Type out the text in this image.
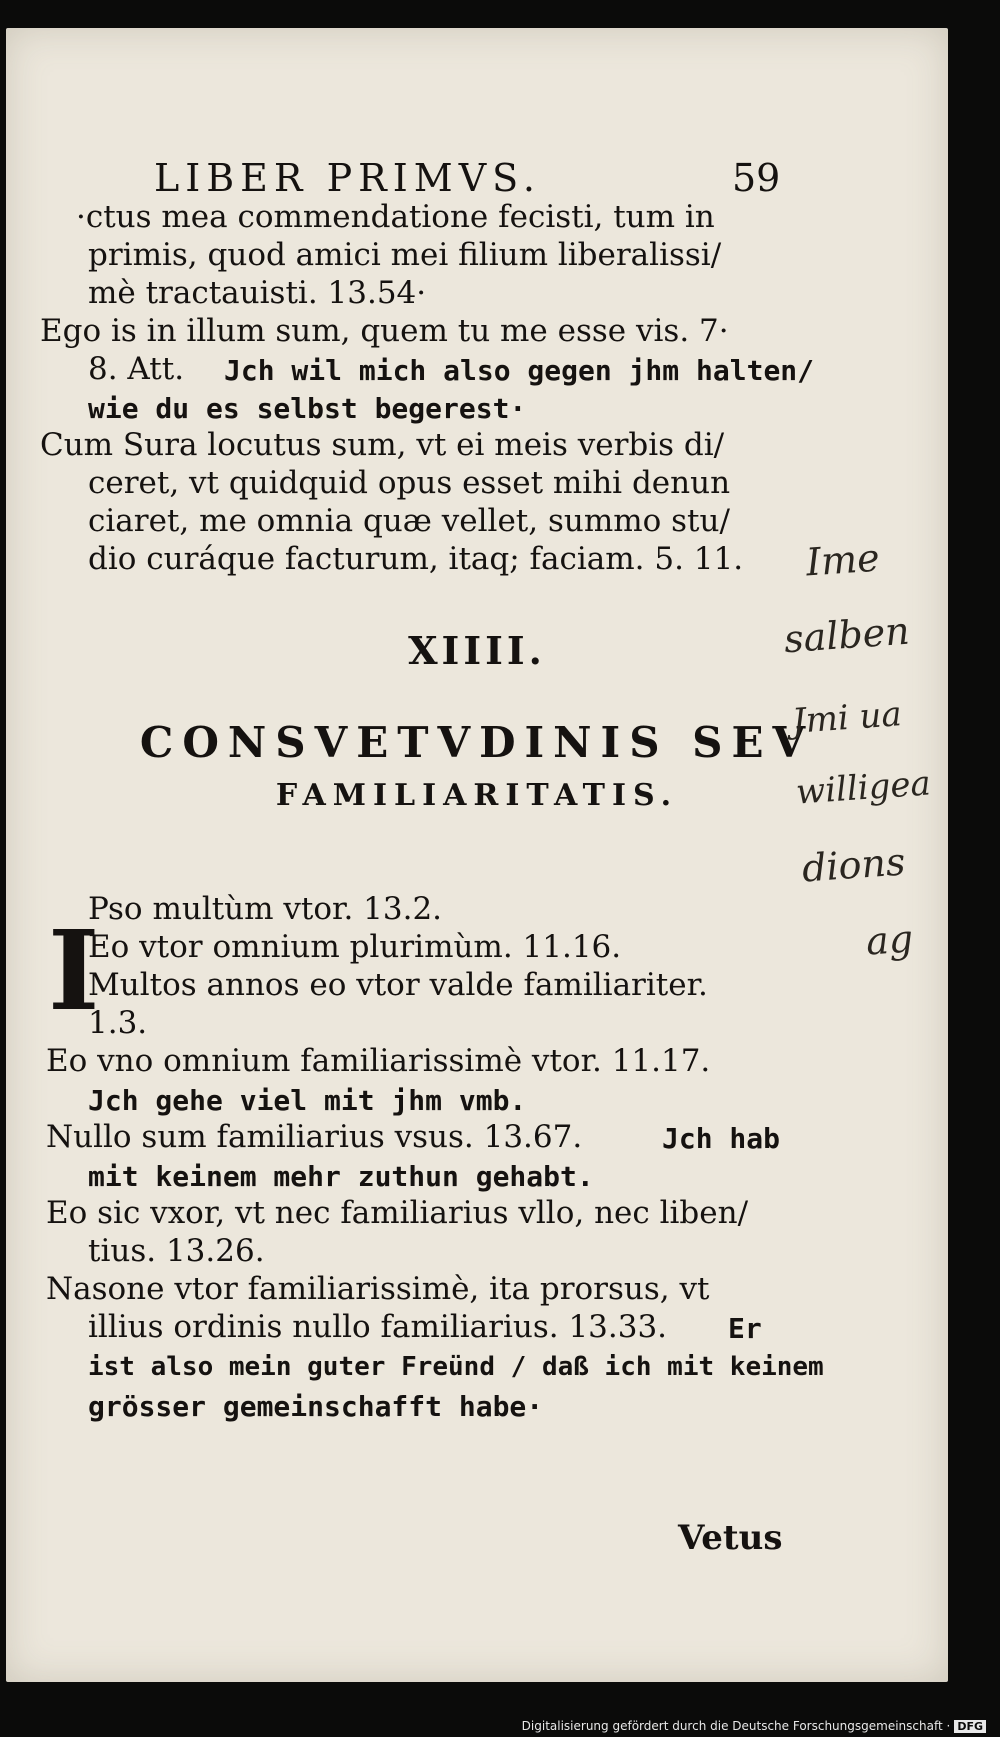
LIBER PRIMVS.	59
·ctus mea commendatione fecisti, tum in
primis, quod amici mei filium liberalissi/
mè tractauisti. 13.54·
Ego is in illum sum, quem tu me esse vis. 7·
8. Att. Jch wil mich also gegen jhm halten/
wie du es selbst begerest·
Cum Sura locutus sum, vt ei meis verbis di/
ceret, vt quidquid opus esset mihi denun
ciaret, me omnia quæ vellet, summo stu/
dio curáque facturum, itaq; faciam. 5. 11.
XIIII.
CONSVETVDINIS SEV
FAMILIARITATIS.
I
Pso multùm vtor. 13.2.
Eo vtor omnium plurimùm. 11.16.
Multos annos eo vtor valde familiariter.
1.3.
Eo vno omnium familiarissimè vtor. 11.17.
Jch gehe viel mit jhm vmb.
Nullo sum familiarius vsus. 13.67.	Jch hab
mit keinem mehr zuthun gehabt.
Eo sic vxor, vt nec familiarius vllo, nec liben/
tius. 13.26.
Nasone vtor familiarissimè, ita prorsus, vt
illius ordinis nullo familiarius. 13.33. Er
ist also mein guter Freünd / daß ich mit keinem
grösser gemeinschafft habe·
Vetus
Ime
salben
Jmi ua
willigea
dions
ag
Digitalisierung gefördert durch die Deutsche Forschungsgemeinschaft · DFG
